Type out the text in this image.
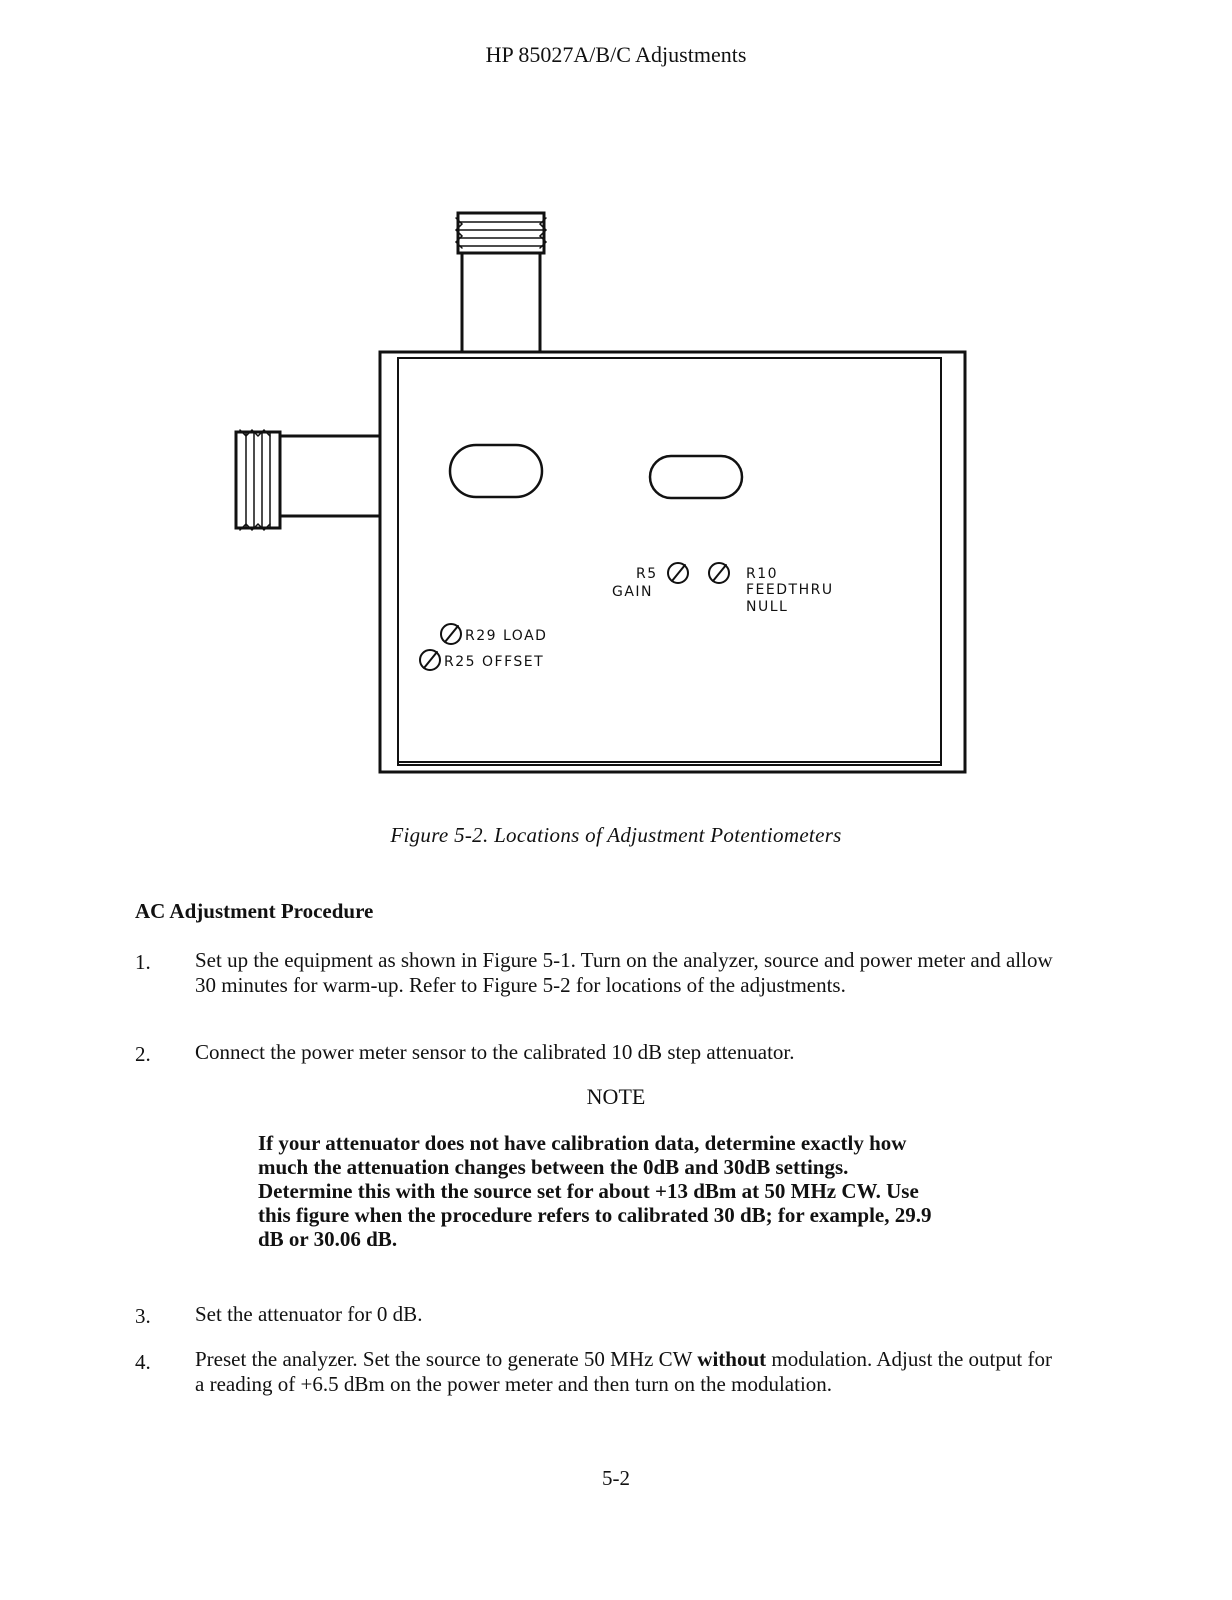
HP 85027A/B/C Adjustments
R5
GAIN
R10
FEEDTHRU
NULL
R29 LOAD
R25 OFFSET
Figure 5-2. Locations of Adjustment Potentiometers
AC Adjustment Procedure
1. Set up the equipment as shown in Figure 5-1. Turn on the analyzer, source and power meter and allow 30 minutes for warm-up. Refer to Figure 5-2 for locations of the adjustments.
2. Connect the power meter sensor to the calibrated 10 dB step attenuator.
NOTE
If your attenuator does not have calibration data, determine exactly how much the attenuation changes between the 0dB and 30dB settings. Determine this with the source set for about +13 dBm at 50 MHz CW. Use this figure when the procedure refers to calibrated 30 dB; for example, 29.9 dB or 30.06 dB.
3. Set the attenuator for 0 dB.
4. Preset the analyzer. Set the source to generate 50 MHz CW without modulation. Adjust the output for a reading of +6.5 dBm on the power meter and then turn on the modulation.
5-2
